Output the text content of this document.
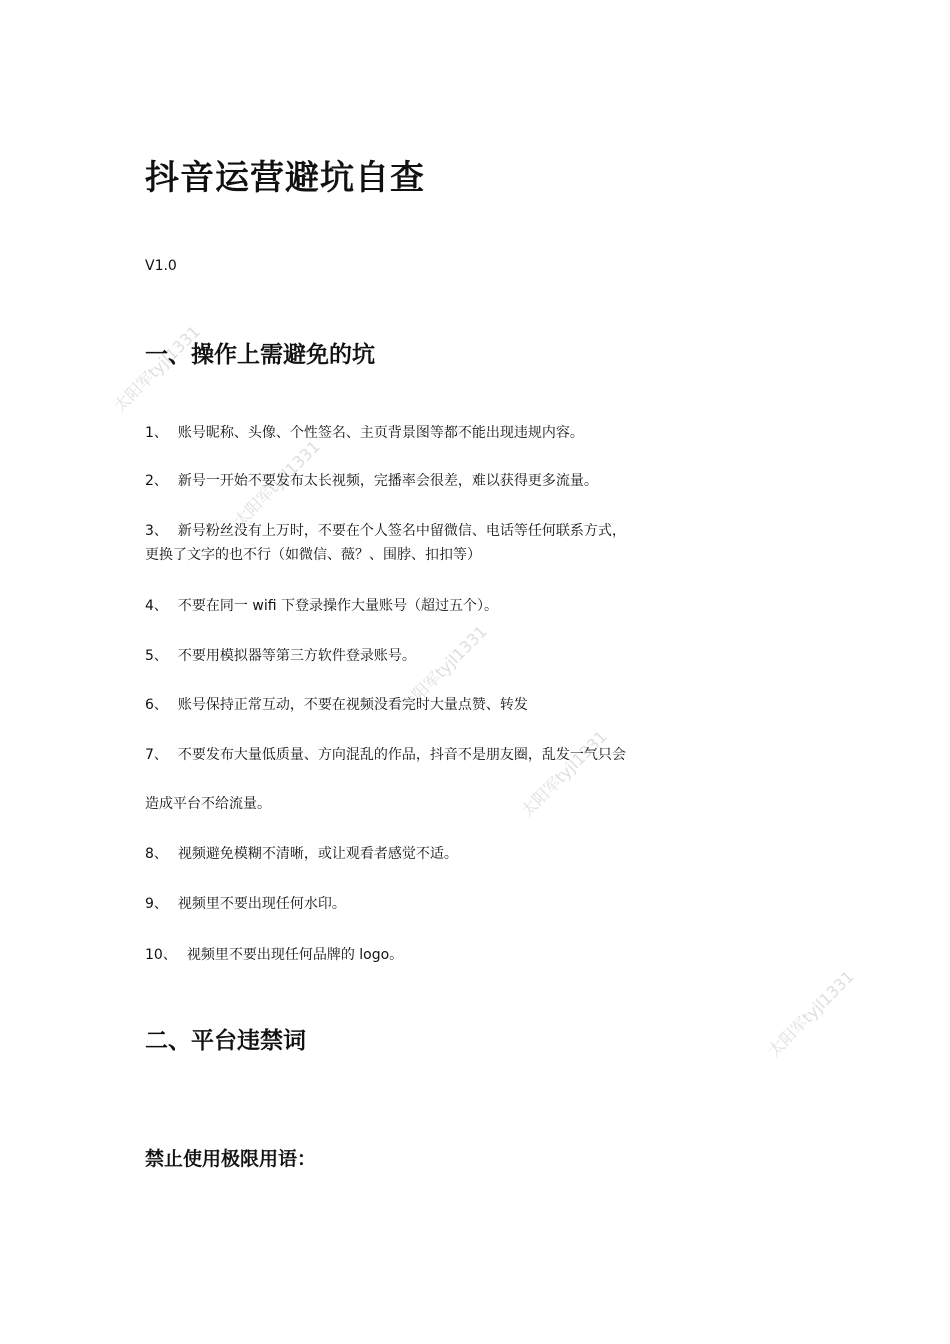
太阳军tyjl1331
太阳军tyjl1331
太阳军tyjl1331
太阳军tyjl1331
太阳军tyjl1331
抖音运营避坑自查
V1.0
一、操作上需避免的坑
1、 账号昵称、头像、个性签名、主页背景图等都不能出现违规内容。
2、 新号一开始不要发布太长视频，完播率会很差，难以获得更多流量。
3、 新号粉丝没有上万时，不要在个人签名中留微信、电话等任何联系方式，
更换了文字的也不行（如微信、薇？、围脖、扣扣等）
4、 不要在同一 wifi 下登录操作大量账号（超过五个）。
5、 不要用模拟器等第三方软件登录账号。
6、 账号保持正常互动，不要在视频没看完时大量点赞、转发
7、 不要发布大量低质量、方向混乱的作品，抖音不是朋友圈，乱发一气只会
造成平台不给流量。
8、 视频避免模糊不清晰，或让观看者感觉不适。
9、 视频里不要出现任何水印。
10、 视频里不要出现任何品牌的 logo。
二、平台违禁词
禁止使用极限用语：
